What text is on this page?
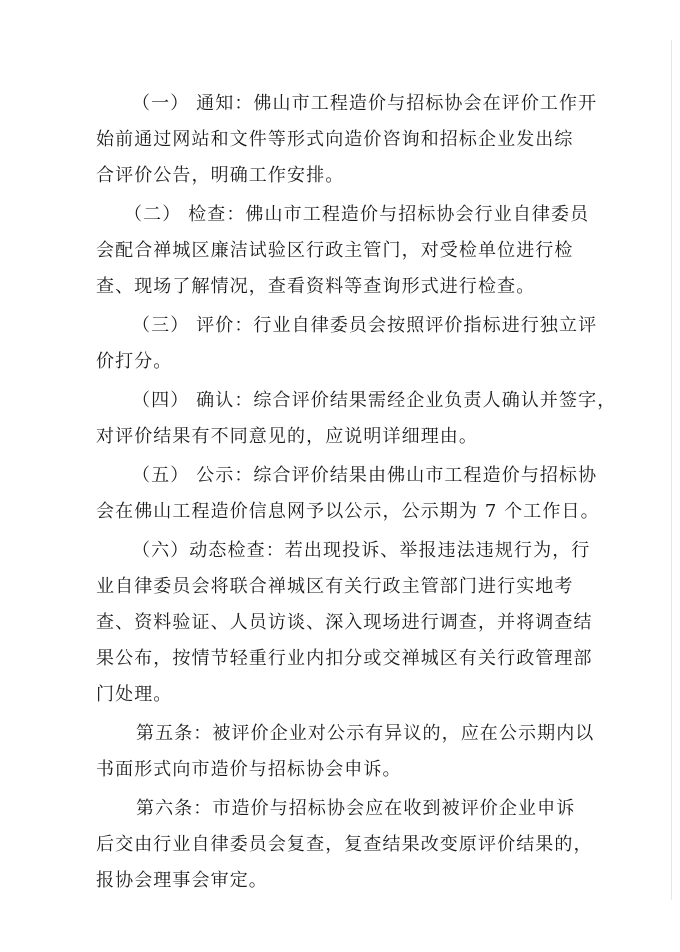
（一） 通知：佛山市工程造价与招标协会在评价工作开
始前通过网站和文件等形式向造价咨询和招标企业发出综
合评价公告，明确工作安排。

（二） 检查：佛山市工程造价与招标协会行业自律委员
会配合禅城区廉洁试验区行政主管门，对受检单位进行检
查、现场了解情况，查看资料等查询形式进行检查。

（三） 评价：行业自律委员会按照评价指标进行独立评
价打分。

（四） 确认：综合评价结果需经企业负责人确认并签字，
对评价结果有不同意见的，应说明详细理由。

（五） 公示：综合评价结果由佛山市工程造价与招标协
会在佛山工程造价信息网予以公示，公示期为 7 个工作日。

（六）动态检查：若出现投诉、举报违法违规行为，行
业自律委员会将联合禅城区有关行政主管部门进行实地考
查、资料验证、人员访谈、深入现场进行调查，并将调查结
果公布，按情节轻重行业内扣分或交禅城区有关行政管理部
门处理。

第五条：被评价企业对公示有异议的，应在公示期内以
书面形式向市造价与招标协会申诉。

第六条：市造价与招标协会应在收到被评价企业申诉
后交由行业自律委员会复查，复查结果改变原评价结果的，
报协会理事会审定。
